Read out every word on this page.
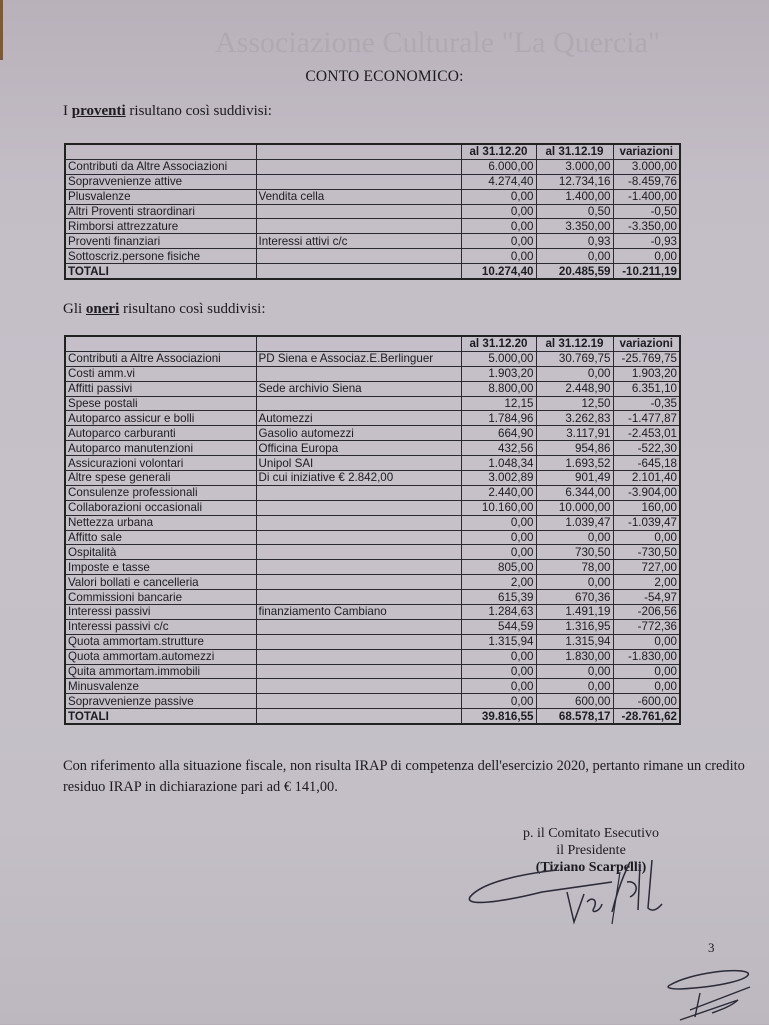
Associazione Culturale "La Quercia"
CONTO ECONOMICO:
I proventi risultano così suddivisi:
		al 31.12.20	al 31.12.19	variazioni
Contributi da Altre Associazioni		6.000,00	3.000,00	3.000,00
Sopravvenienze attive		4.274,40	12.734,16	-8.459,76
Plusvalenze	Vendita cella	0,00	1.400,00	-1.400,00
Altri Proventi straordinari		0,00	0,50	-0,50
Rimborsi attrezzature		0,00	3.350,00	-3.350,00
Proventi finanziari	Interessi attivi c/c	0,00	0,93	-0,93
Sottoscriz.persone fisiche		0,00	0,00	0,00
TOTALI		10.274,40	20.485,59	-10.211,19
Gli oneri risultano così suddivisi:
		al 31.12.20	al 31.12.19	variazioni
Contributi a Altre Associazioni	PD Siena e Associaz.E.Berlinguer	5.000,00	30.769,75	-25.769,75
Costi amm.vi		1.903,20	0,00	1.903,20
Affitti passivi	Sede archivio Siena	8.800,00	2.448,90	6.351,10
Spese postali		12,15	12,50	-0,35
Autoparco assicur e bolli	Automezzi	1.784,96	3.262,83	-1.477,87
Autoparco carburanti	Gasolio automezzi	664,90	3.117,91	-2.453,01
Autoparco manutenzioni	Officina Europa	432,56	954,86	-522,30
Assicurazioni volontari	Unipol SAI	1.048,34	1.693,52	-645,18
Altre spese generali	Di cui iniziative € 2.842,00	3.002,89	901,49	2.101,40
Consulenze professionali		2.440,00	6.344,00	-3.904,00
Collaborazioni occasionali		10.160,00	10.000,00	160,00
Nettezza urbana		0,00	1.039,47	-1.039,47
Affitto sale		0,00	0,00	0,00
Ospitalità		0,00	730,50	-730,50
Imposte e tasse		805,00	78,00	727,00
Valori bollati e cancelleria		2,00	0,00	2,00
Commissioni bancarie		615,39	670,36	-54,97
Interessi passivi	finanziamento Cambiano	1.284,63	1.491,19	-206,56
Interessi passivi c/c		544,59	1.316,95	-772,36
Quota ammortam.strutture		1.315,94	1.315,94	0,00
Quota ammortam.automezzi		0,00	1.830,00	-1.830,00
Quita ammortam.immobili		0,00	0,00	0,00
Minusvalenze		0,00	0,00	0,00
Sopravvenienze passive		0,00	600,00	-600,00
TOTALI		39.816,55	68.578,17	-28.761,62
Con riferimento alla situazione fiscale, non risulta IRAP di competenza dell'esercizio 2020, pertanto rimane un credito residuo IRAP in dichiarazione pari ad € 141,00.
p. il Comitato Esecutivo
il Presidente
(Tiziano Scarpelli)
3
